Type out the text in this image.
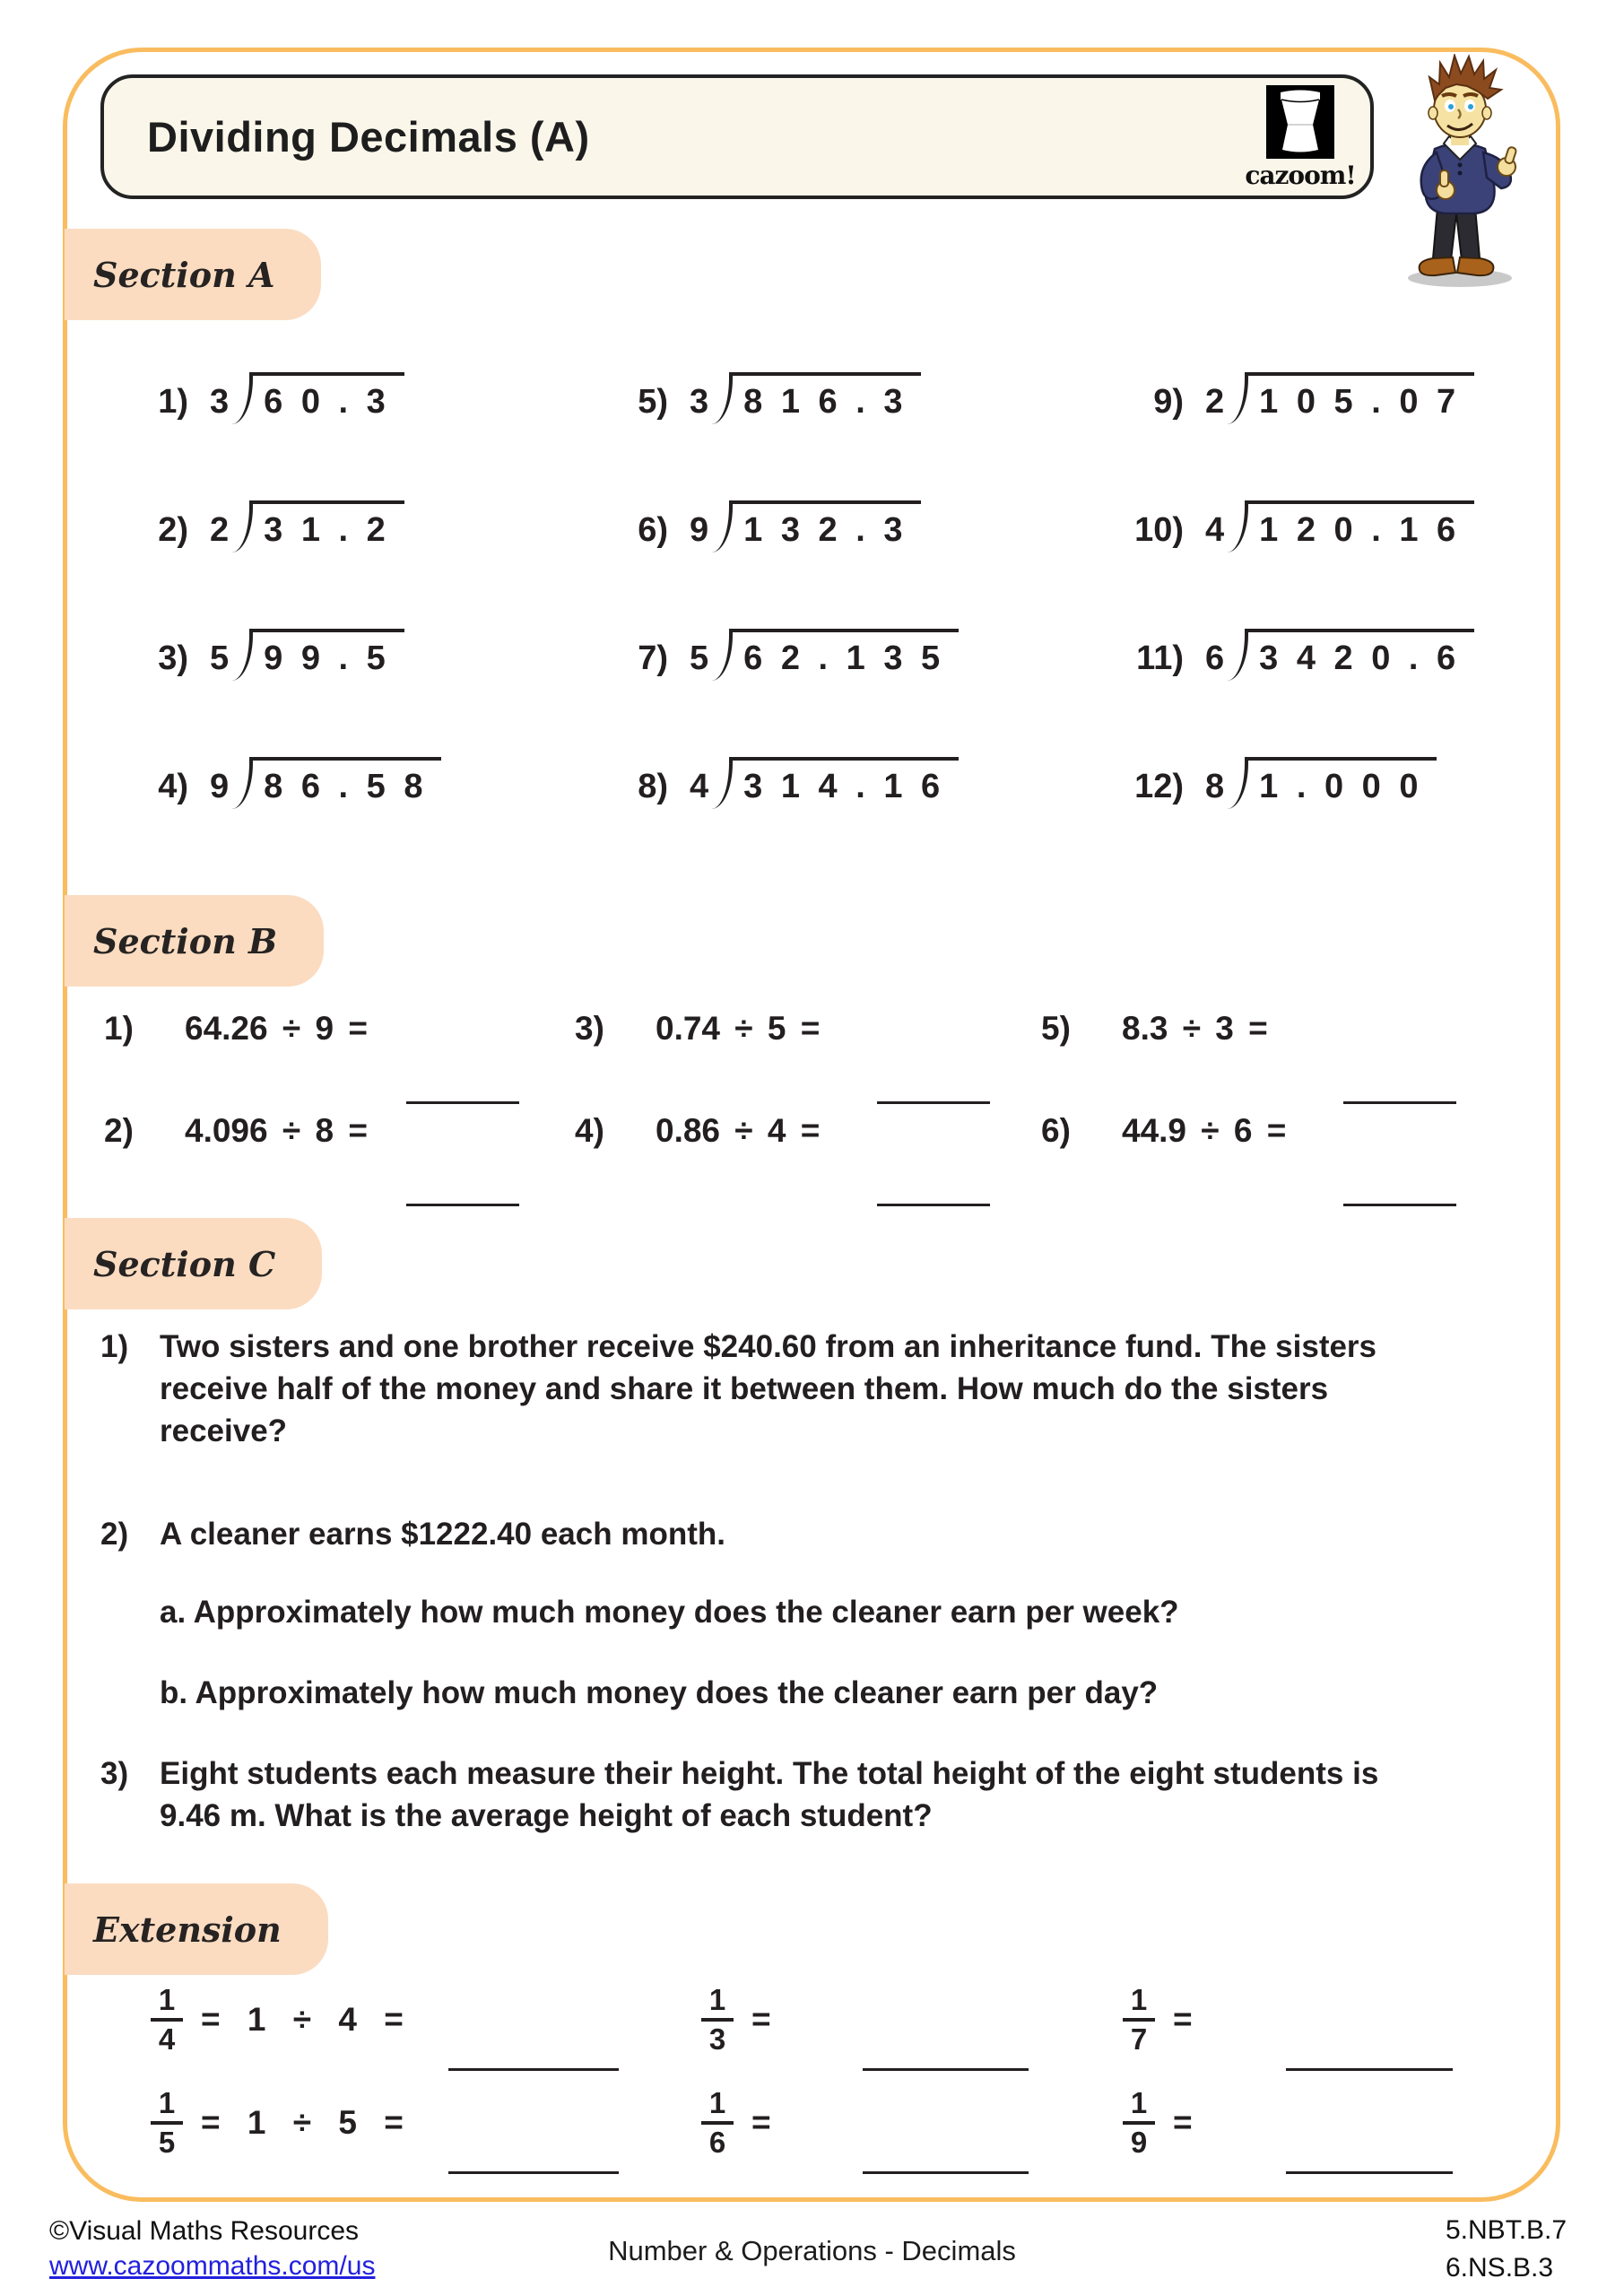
Dividing Decimals (A)
cazoom!
Section A
1) 3	6 0 . 3
2) 2	3 1 . 2
3) 5	9 9 . 5
4) 9	8 6 . 5 8
5) 3	8 1 6 . 3
6) 9	1 3 2 . 3
7) 5	6 2 . 1 3 5
8) 4	3 1 4 . 1 6
9) 2	1 0 5 . 0 7
10) 4	1 2 0 . 1 6
11) 6	3 4 2 0 . 6
12) 8	1 . 0 0 0
Section B
1)	64.26 ÷ 9 =
2)	4.096 ÷ 8 =
3)	0.74 ÷ 5 =
4)	0.86 ÷ 4 =
5)	8.3 ÷ 3 =
6)	44.9 ÷ 6 =
Section C
1) Two sisters and one brother receive $240.60 from an inheritance fund. The sisters
receive half of the money and share it between them. How much do the sisters
receive?
2) A cleaner earns $1222.40 each month.
a. Approximately how much money does the cleaner earn per week?
b. Approximately how much money does the cleaner earn per day?
3) Eight students each measure their height. The total height of the eight students is
9.46 m. What is the average height of each student?
Extension
$\frac{1}{4} = 1 \div 4$ =
$\frac{1}{5} = 1 \div 5$ =
$\frac{1}{3}$ =
$\frac{1}{6}$ =
$\frac{1}{7}$ =
$\frac{1}{9}$ =
©Visual Maths Resources
www.cazoommaths.com/us	Number & Operations - Decimals
5.NBT.B.7
6.NS.B.3
